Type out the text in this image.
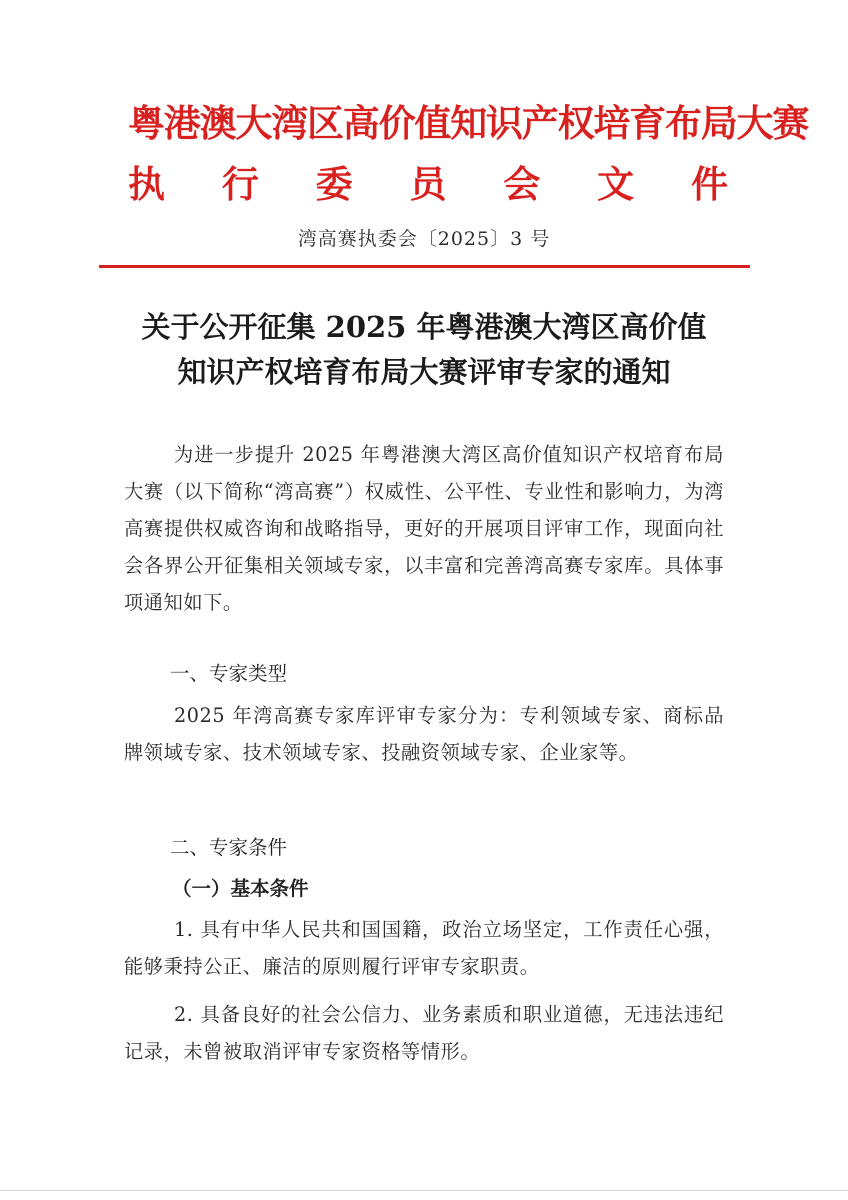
粤港澳大湾区高价值知识产权培育布局大赛
执 行 委 员 会 文 件
湾高赛执委会〔2025〕3 号
关于公开征集 2025 年粤港澳大湾区高价值
知识产权培育布局大赛评审专家的通知
为进一步提升 2025 年粤港澳大湾区高价值知识产权培育布局大赛（以下简称“湾高赛”）权威性、公平性、专业性和影响力，为湾高赛提供权威咨询和战略指导，更好的开展项目评审工作，现面向社会各界公开征集相关领域专家，以丰富和完善湾高赛专家库。具体事项通知如下。
一、专家类型
2025 年湾高赛专家库评审专家分为：专利领域专家、商标品牌领域专家、技术领域专家、投融资领域专家、企业家等。
二、专家条件
（一）基本条件
1. 具有中华人民共和国国籍，政治立场坚定，工作责任心强，能够秉持公正、廉洁的原则履行评审专家职责。
2. 具备良好的社会公信力、业务素质和职业道德，无违法违纪记录，未曾被取消评审专家资格等情形。
